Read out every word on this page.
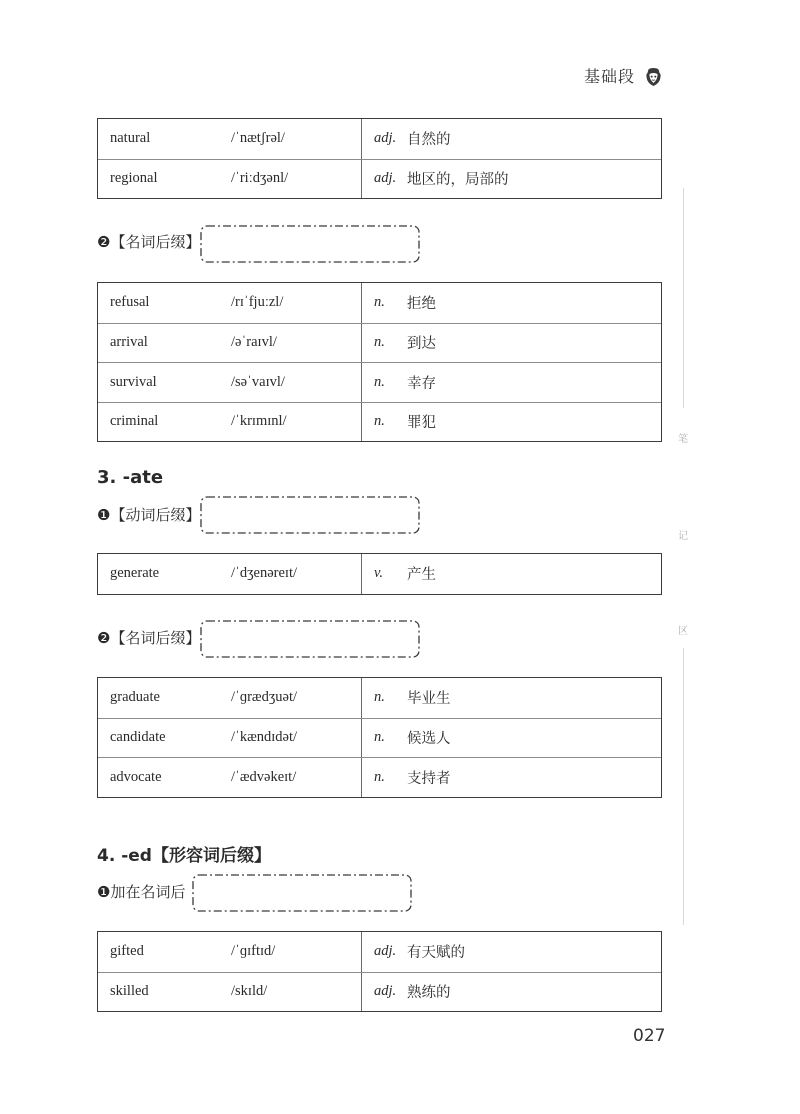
基础段
natural	/ˈnætʃrəl/	adj. 自然的
regional	/ˈriːdʒənl/	adj. 地区的，局部的
❷【名词后缀】
refusal	/rɪˈfjuːzl/	n.	拒绝
arrival	/əˈraɪvl/	n.	到达
survival	/səˈvaɪvl/	n.	幸存
criminal	/ˈkrɪmɪnl/	n.	罪犯
3. -ate
❶【动词后缀】
generate	/ˈdʒenəreɪt/	v.	产生
❷【名词后缀】
graduate	/ˈɡrædʒuət/	n.	毕业生
candidate	/ˈkændɪdət/	n.	候选人
advocate	/ˈædvəkeɪt/	n.	支持者
4. -ed【形容词后缀】
❶加在名词后
gifted	/ˈɡɪftɪd/	adj. 有天赋的
skilled	/skɪld/	adj. 熟练的
笔
记
区
027
